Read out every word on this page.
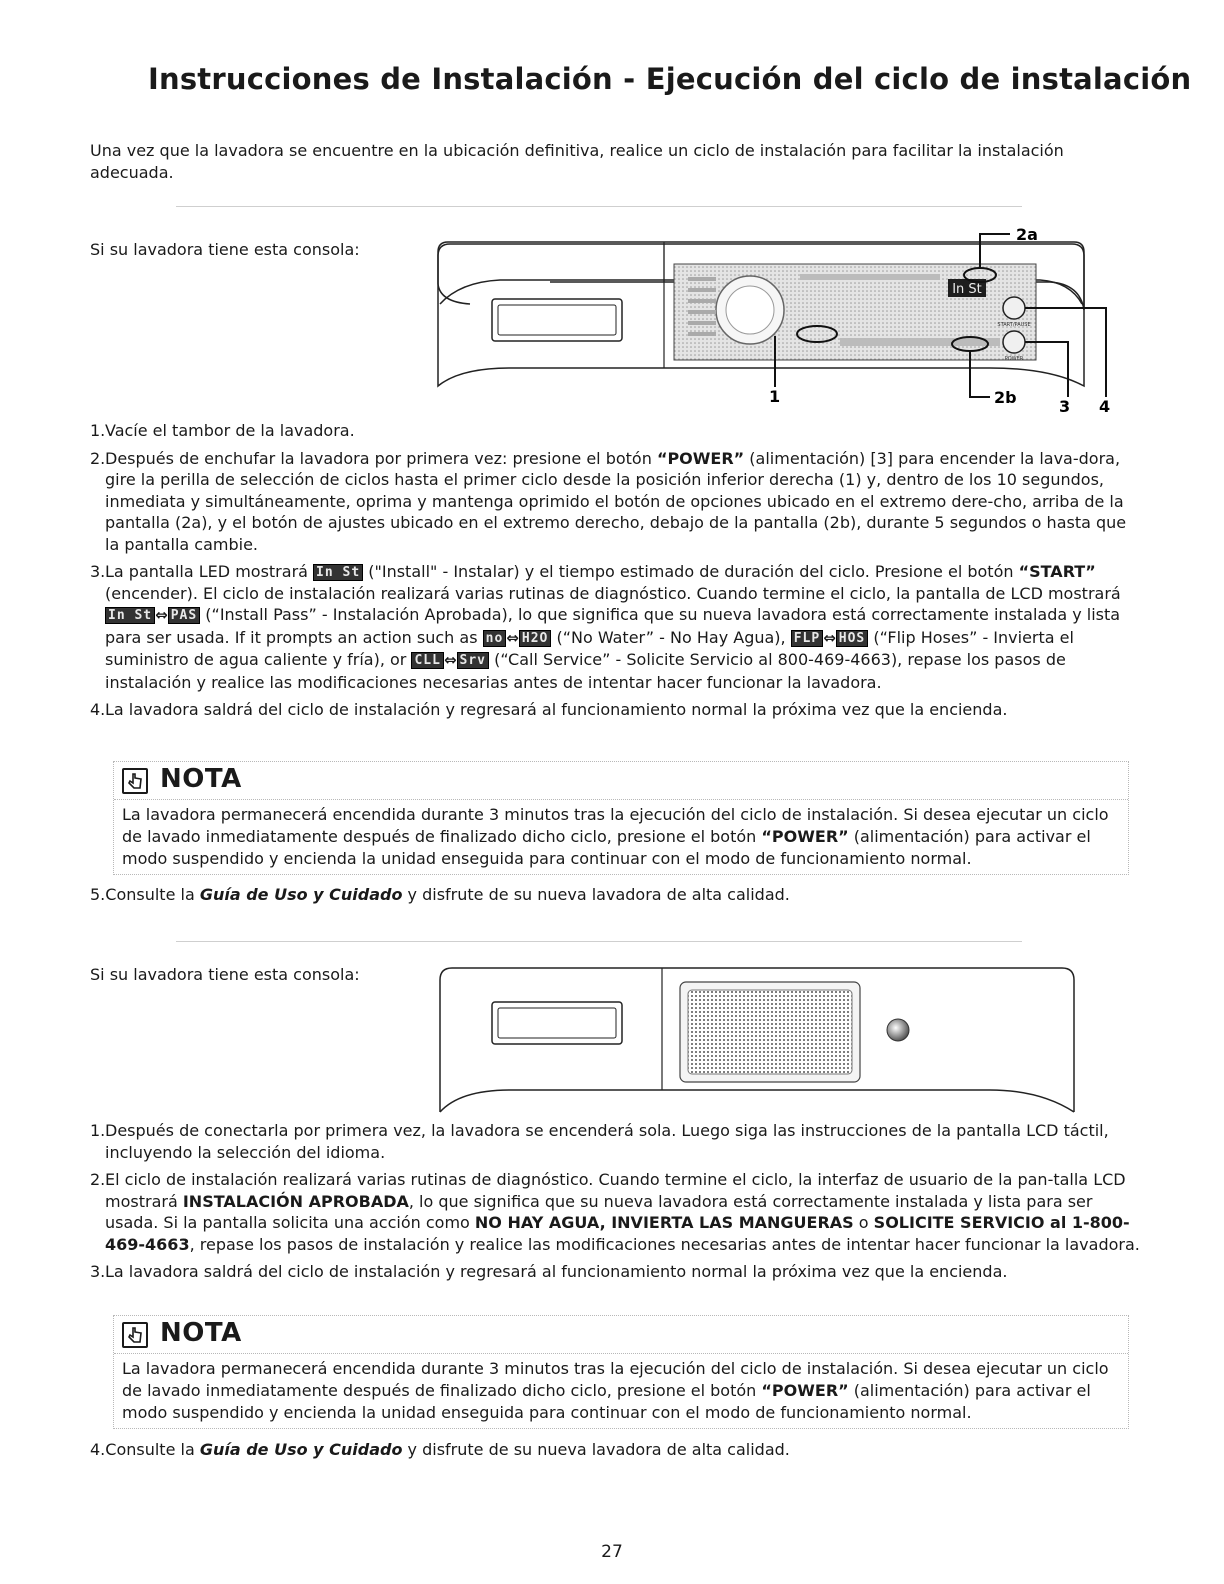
Instrucciones de Instalación - Ejecución del ciclo de instalación
Una vez que la lavadora se encuentre en la ubicación definitiva, realice un ciclo de instalación para facilitar la instalación adecuada.
Si su lavadora tiene esta consola:
In St
START/PAUSE
POWER
2a
2b
1
3 4
1. Vacíe el tambor de la lavadora.
2. Después de enchufar la lavadora por primera vez: presione el botón “POWER” (alimentación) [3] para encender la lava-dora, gire la perilla de selección de ciclos hasta el primer ciclo desde la posición inferior derecha (1) y, dentro de los 10 segundos, inmediata y simultáneamente, oprima y mantenga oprimido el botón de opciones ubicado en el extremo dere-cho, arriba de la pantalla (2a), y el botón de ajustes ubicado en el extremo derecho, debajo de la pantalla (2b), durante 5 segundos o hasta que la pantalla cambie.
3. La pantalla LED mostrará In St ("Install" - Instalar) y el tiempo estimado de duración del ciclo. Presione el botón “START” (encender). El ciclo de instalación realizará varias rutinas de diagnóstico. Cuando termine el ciclo, la pantalla de LCD mostrará In St ⇔ PAS (“Install Pass” - Instalación Aprobada), lo que significa que su nueva lavadora está correctamente instalada y lista para ser usada. If it prompts an action such as no ⇔ H2O (“No Water” - No Hay Agua), FLP ⇔ HOS (“Flip Hoses” - Invierta el suministro de agua caliente y fría), or CLL ⇔ Srv (“Call Service” - Solicite Servicio al 800-469-4663), repase los pasos de instalación y realice las modificaciones necesarias antes de intentar hacer funcionar la lavadora.
4. La lavadora saldrá del ciclo de instalación y regresará al funcionamiento normal la próxima vez que la encienda.
NOTA
La lavadora permanecerá encendida durante 3 minutos tras la ejecución del ciclo de instalación. Si desea ejecutar un ciclo de lavado inmediatamente después de finalizado dicho ciclo, presione el botón “POWER” (alimentación) para activar el modo suspendido y encienda la unidad enseguida para continuar con el modo de funcionamiento normal.
5.Consulte la Guía de Uso y Cuidado y disfrute de su nueva lavadora de alta calidad.
Si su lavadora tiene esta consola:
1. Después de conectarla por primera vez, la lavadora se encenderá sola. Luego siga las instrucciones de la pantalla LCD táctil, incluyendo la selección del idioma.
2. El ciclo de instalación realizará varias rutinas de diagnóstico. Cuando termine el ciclo, la interfaz de usuario de la pan-talla LCD mostrará INSTALACIÓN APROBADA, lo que significa que su nueva lavadora está correctamente instalada y lista para ser usada. Si la pantalla solicita una acción como NO HAY AGUA, INVIERTA LAS MANGUERAS o SOLICITE SERVICIO al 1-800-469-4663, repase los pasos de instalación y realice las modificaciones necesarias antes de intentar hacer funcionar la lavadora.
3. La lavadora saldrá del ciclo de instalación y regresará al funcionamiento normal la próxima vez que la encienda.
NOTA
La lavadora permanecerá encendida durante 3 minutos tras la ejecución del ciclo de instalación. Si desea ejecutar un ciclo de lavado inmediatamente después de finalizado dicho ciclo, presione el botón “POWER” (alimentación) para activar el modo suspendido y encienda la unidad enseguida para continuar con el modo de funcionamiento normal.
4.Consulte la Guía de Uso y Cuidado y disfrute de su nueva lavadora de alta calidad.
27
